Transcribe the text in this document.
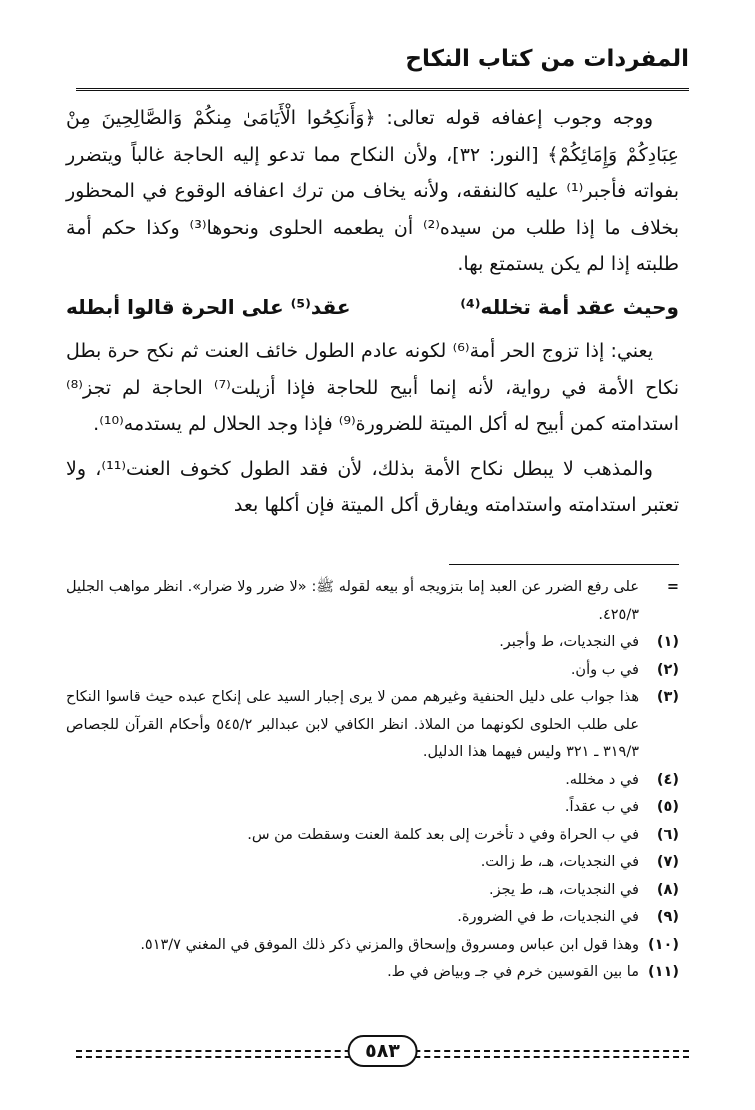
المفردات من كتاب النكاح

ووجه وجوب إعفافه قوله تعالى: ﴿وَأَنكِحُوا الْأَيَامَىٰ مِنكُمْ وَالصَّالِحِينَ مِنْ عِبَادِكُمْ وَإِمَائِكُمْ﴾ [النور: ٣٢]، ولأن النكاح مما تدعو إليه الحاجة غالباً ويتضرر بفواته فأجبر⁽¹⁾ عليه كالنفقه، ولأنه يخاف من ترك اعفافه الوقوع في المحظور بخلاف ما إذا طلب من سيده⁽²⁾ أن يطعمه الحلوى ونحوها⁽³⁾ وكذا حكم أمة طلبته إذا لم يكن يستمتع بها.

وحيث عقد أمة تخلله⁽⁴⁾
عقد⁽⁵⁾ على الحرة قالوا أبطله

يعني: إذا تزوج الحر أمة⁽⁶⁾ لكونه عادم الطول خائف العنت ثم نكح حرة بطل نكاح الأمة في رواية، لأنه إنما أبيح للحاجة فإذا أزيلت⁽⁷⁾ الحاجة لم تجز⁽⁸⁾ استدامته كمن أبيح له أكل الميتة للضرورة⁽⁹⁾ فإذا وجد الحلال لم يستدمه⁽¹⁰⁾.

والمذهب لا يبطل نكاح الأمة بذلك، لأن فقد الطول كخوف العنت⁽¹¹⁾، ولا تعتبر استدامته واستدامته ويفارق أكل الميتة فإن أكلها بعد

=
على رفع الضرر عن العبد إما بتزويجه أو بيعه لقوله ﷺ: «لا ضرر ولا ضرار». انظر مواهب الجليل ٤٢٥/٣.
(١)
في النجديات، ط وأجبر.
(٢)
في ب وأن.
(٣)
هذا جواب على دليل الحنفية وغيرهم ممن لا يرى إجبار السيد على إنكاح عبده حيث قاسوا النكاح على طلب الحلوى لكونهما من الملاذ. انظر الكافي لابن عبدالبر ٥٤٥/٢ وأحكام القرآن للجصاص ٣١٩/٣ ـ ٣٢١ وليس فيهما هذا الدليل.
(٤)
في د مخلله.
(٥)
في ب عقداً.
(٦)
في ب الحراة وفي د تأخرت إلى بعد كلمة العنت وسقطت من س.
(٧)
في النجديات، هـ، ط زالت.
(٨)
في النجديات، هـ، ط يجز.
(٩)
في النجديات، ط في الضرورة.
(١٠)
وهذا قول ابن عباس ومسروق وإسحاق والمزني ذكر ذلك الموفق في المغني ٥١٣/٧.
(١١)
ما بين القوسين خرم في جـ وبياض في ط.
٥٨٣
